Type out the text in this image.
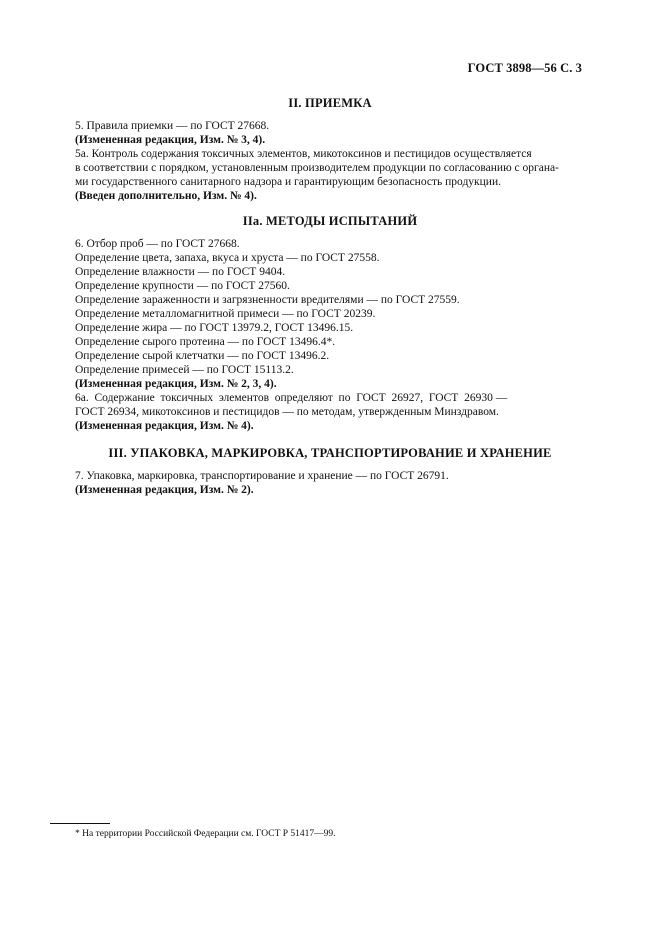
ГОСТ 3898—56 С. 3
II. ПРИЕМКА

5. Правила приемки — по ГОСТ 27668.

(Измененная редакция, Изм. № 3, 4).

5а. Контроль содержания токсичных элементов, микотоксинов и пестицидов осуществляется

в соответствии с порядком, установленным производителем продукции по согласованию с органа-

ми государственного санитарного надзора и гарантирующим безопасность продукции.

(Введен дополнительно, Изм. № 4).

IIа. МЕТОДЫ ИСПЫТАНИЙ

6. Отбор проб — по ГОСТ 27668.

Определение цвета, запаха, вкуса и хруста — по ГОСТ 27558.

Определение влажности — по ГОСТ 9404.

Определение крупности — по ГОСТ 27560.

Определение зараженности и загрязненности вредителями — по ГОСТ 27559.

Определение металломагнитной примеси — по ГОСТ 20239.

Определение жира — по ГОСТ 13979.2, ГОСТ 13496.15.

Определение сырого протеина — по ГОСТ 13496.4*.

Определение сырой клетчатки — по ГОСТ 13496.2.

Определение примесей — по ГОСТ 15113.2.

(Измененная редакция, Изм. № 2, 3, 4).

6а.  Содержание  токсичных  элементов  определяют  по  ГОСТ  26927,  ГОСТ  26930 —

ГОСТ 26934, микотоксинов и пестицидов — по методам, утвержденным Минздравом.

(Измененная редакция, Изм. № 4).

III. УПАКОВКА, МАРКИРОВКА, ТРАНСПОРТИРОВАНИЕ И ХРАНЕНИЕ

7. Упаковка, маркировка, транспортирование и хранение — по ГОСТ 26791.

(Измененная редакция, Изм. № 2).

* На территории Российской Федерации см. ГОСТ Р 51417—99.
